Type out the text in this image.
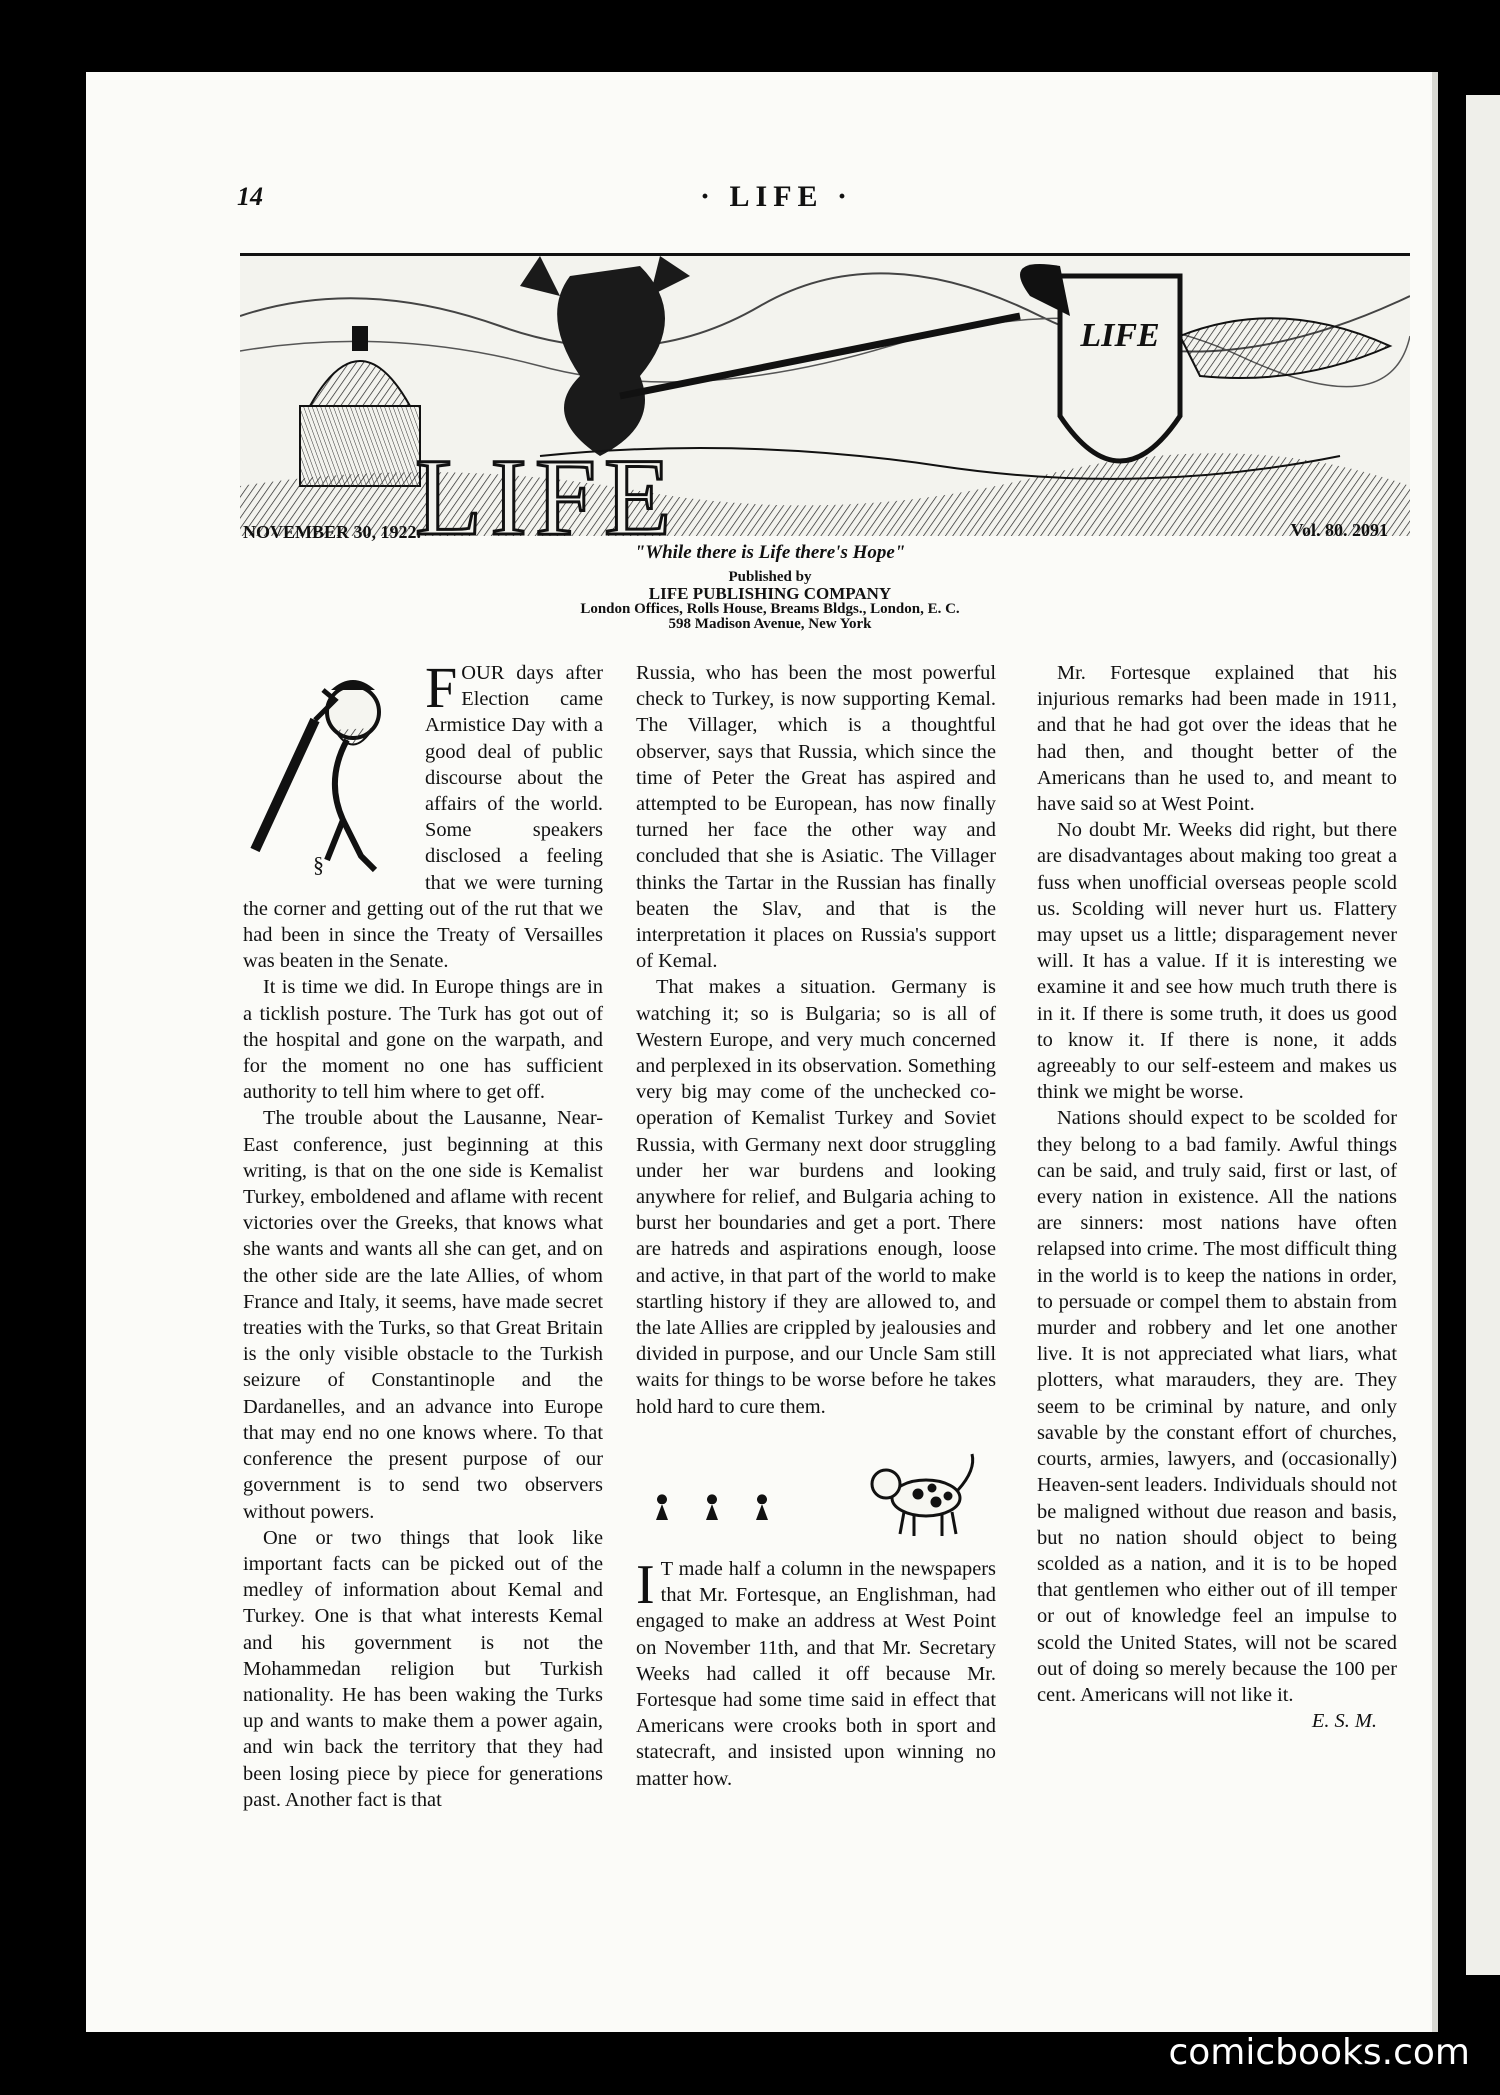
14	· LIFE ·
LIFE
LIFE
NOVEMBER 30, 1922.	Vol. 80. 2091
"While there is Life there's Hope"
Published by
LIFE PUBLISHING COMPANY
London Offices, Rolls House, Breams Bldgs., London, E. C.
598 Madison Avenue, New York
§

FOUR days after Election came Armistice Day with a good deal of public discourse about the affairs of the world. Some speakers disclosed a feeling that we were turning the corner and getting out of the rut that we had been in since the Treaty of Versailles was beaten in the Senate.

It is time we did. In Europe things are in a ticklish posture. The Turk has got out of the hospital and gone on the warpath, and for the moment no one has sufficient authority to tell him where to get off.

The trouble about the Lausanne, Near-East conference, just beginning at this writing, is that on the one side is Kemalist Turkey, emboldened and aflame with recent victories over the Greeks, that knows what she wants and wants all she can get, and on the other side are the late Allies, of whom France and Italy, it seems, have made secret treaties with the Turks, so that Great Britain is the only visible obstacle to the Turkish seizure of Constantinople and the Dardanelles, and an advance into Europe that may end no one knows where. To that conference the present purpose of our government is to send two observers without powers.

One or two things that look like important facts can be picked out of the medley of information about Kemal and Turkey. One is that what interests Kemal and his government is not the Mohammedan religion but Turkish nationality. He has been waking the Turks up and wants to make them a power again, and win back the territory that they had been losing piece by piece for generations past. Another fact is that

Russia, who has been the most powerful check to Turkey, is now supporting Kemal. The Villager, which is a thoughtful observer, says that Russia, which since the time of Peter the Great has aspired and attempted to be European, has now finally turned her face the other way and concluded that she is Asiatic. The Villager thinks the Tartar in the Russian has finally beaten the Slav, and that is the interpretation it places on Russia's support of Kemal.

That makes a situation. Germany is watching it; so is Bulgaria; so is all of Western Europe, and very much concerned and perplexed in its observation. Something very big may come of the unchecked co-operation of Kemalist Turkey and Soviet Russia, with Germany next door struggling under her war burdens and looking anywhere for relief, and Bulgaria aching to burst her boundaries and get a port. There are hatreds and aspirations enough, loose and active, in that part of the world to make startling history if they are allowed to, and the late Allies are crippled by jealousies and divided in purpose, and our Uncle Sam still waits for things to be worse before he takes hold hard to cure them.

I T made half a column in the newspapers that Mr. Fortesque, an Englishman, had engaged to make an address at West Point on November 11th, and that Mr. Secretary Weeks had called it off because Mr. Fortesque had some time said in effect that Americans were crooks both in sport and statecraft, and insisted upon winning no matter how.

Mr. Fortesque explained that his injurious remarks had been made in 1911, and that he had got over the ideas that he had then, and thought better of the Americans than he used to, and meant to have said so at West Point.

No doubt Mr. Weeks did right, but there are disadvantages about making too great a fuss when unofficial overseas people scold us. Scolding will never hurt us. Flattery may upset us a little; disparagement never will. It has a value. If it is interesting we examine it and see how much truth there is in it. If there is some truth, it does us good to know it. If there is none, it adds agreeably to our self-esteem and makes us think we might be worse.

Nations should expect to be scolded for they belong to a bad family. Awful things can be said, and truly said, first or last, of every nation in existence. All the nations are sinners: most nations have often relapsed into crime. The most difficult thing in the world is to keep the nations in order, to persuade or compel them to abstain from murder and robbery and let one another live. It is not appreciated what liars, what plotters, what marauders, they are. They seem to be criminal by nature, and only savable by the constant effort of churches, courts, armies, lawyers, and (occasionally) Heaven-sent leaders. Individuals should not be maligned without due reason and basis, but no nation should object to being scolded as a nation, and it is to be hoped that gentlemen who either out of ill temper or out of knowledge feel an impulse to scold the United States, will not be scared out of doing so merely because the 100 per cent. Americans will not like it.

E. S. M.
comicbooks.com
